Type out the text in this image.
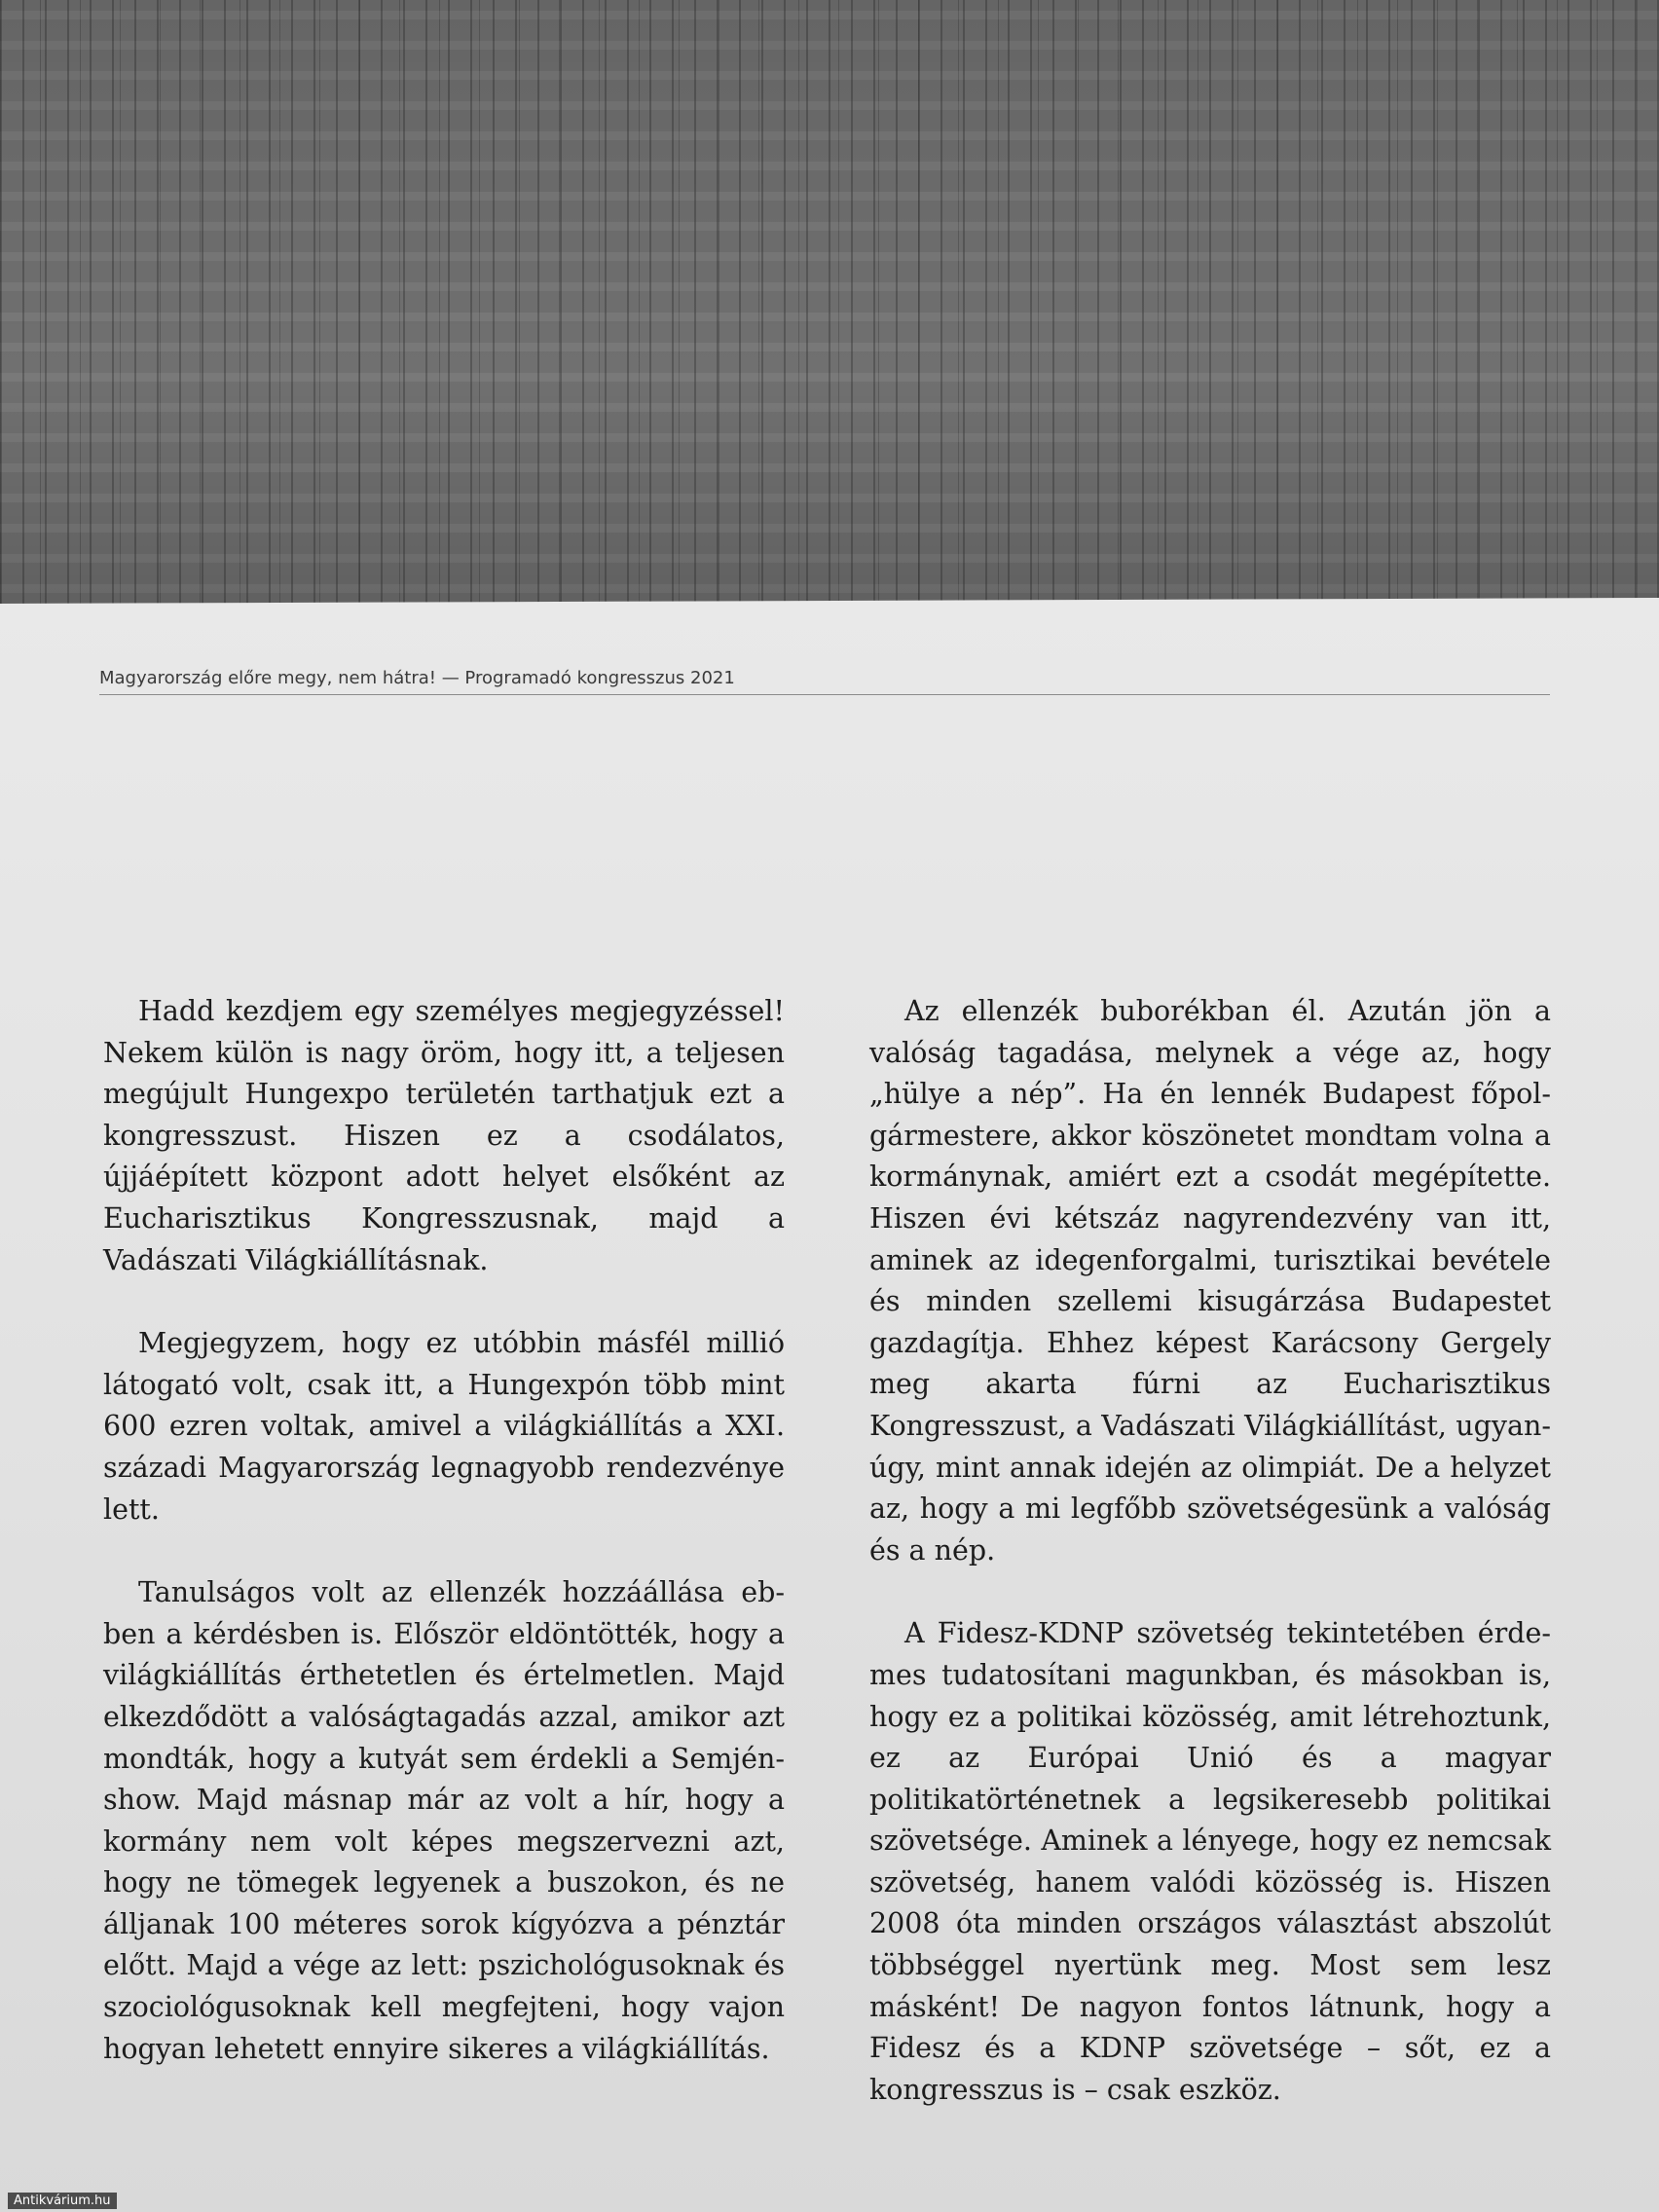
Magyarország előre megy, nem hátra! — Programadó kongresszus 2021

Hadd kezdjem egy személyes megjegyzéssel! Nekem külön is nagy öröm, hogy itt, a teljesen megújult Hungexpo területén tarthatjuk ezt a kongresszust. Hiszen ez a csodálatos, újjáépített központ adott helyet elsőként az Eucharisztikus Kongresszusnak, majd a Vadászati Világkiállításnak.

Megjegyzem, hogy ez utóbbin másfél millió látogató volt, csak itt, a Hungexpón több mint 600 ezren voltak, amivel a világkiállítás a XXI. századi Magyarország legnagyobb rendezvénye lett.

Tanulságos volt az ellenzék hozzáállása ebben a kérdésben is. Először eldöntötték, hogy a világkiállítás érthetetlen és értelmetlen. Majd elkezdődött a valóságtagadás azzal, amikor azt mondták, hogy a kutyát sem érdekli a Semjén-show. Majd másnap már az volt a hír, hogy a kormány nem volt képes megszervezni azt, hogy ne tömegek legyenek a buszokon, és ne álljanak 100 méteres sorok kígyózva a pénztár előtt. Majd a vége az lett: pszichológusoknak és szociológusoknak kell megfejteni, hogy vajon hogyan lehetett ennyire sikeres a világkiállítás.

Az ellenzék buborékban él. Azután jön a valóság tagadása, melynek a vége az, hogy „hülye a nép”. Ha én lennék Budapest főpolgármestere, akkor köszönetet mondtam volna a kormánynak, amiért ezt a csodát megépítette. Hiszen évi kétszáz nagyrendezvény van itt, aminek az idegenforgalmi, turisztikai bevétele és minden szellemi kisugárzása Budapestet gazdagítja. Ehhez képest Karácsony Gergely meg akarta fúrni az Eucharisztikus Kongresszust, a Vadászati Világkiállítást, ugyanúgy, mint annak idején az olimpiát. De a helyzet az, hogy a mi legfőbb szövetségesünk a valóság és a nép.

A Fidesz-KDNP szövetség tekintetében érdemes tudatosítani magunkban, és másokban is, hogy ez a politikai közösség, amit létrehoztunk, ez az Európai Unió és a magyar politikatörténetnek a legsikeresebb politikai szövetsége. Aminek a lényege, hogy ez nemcsak szövetség, hanem valódi közösség is. Hiszen 2008 óta minden országos választást abszolút többséggel nyertünk meg. Most sem lesz másként! De nagyon fontos látnunk, hogy a Fidesz és a KDNP szövetsége – sőt, ez a kongresszus is – csak eszköz.

Antikvárium.hu
